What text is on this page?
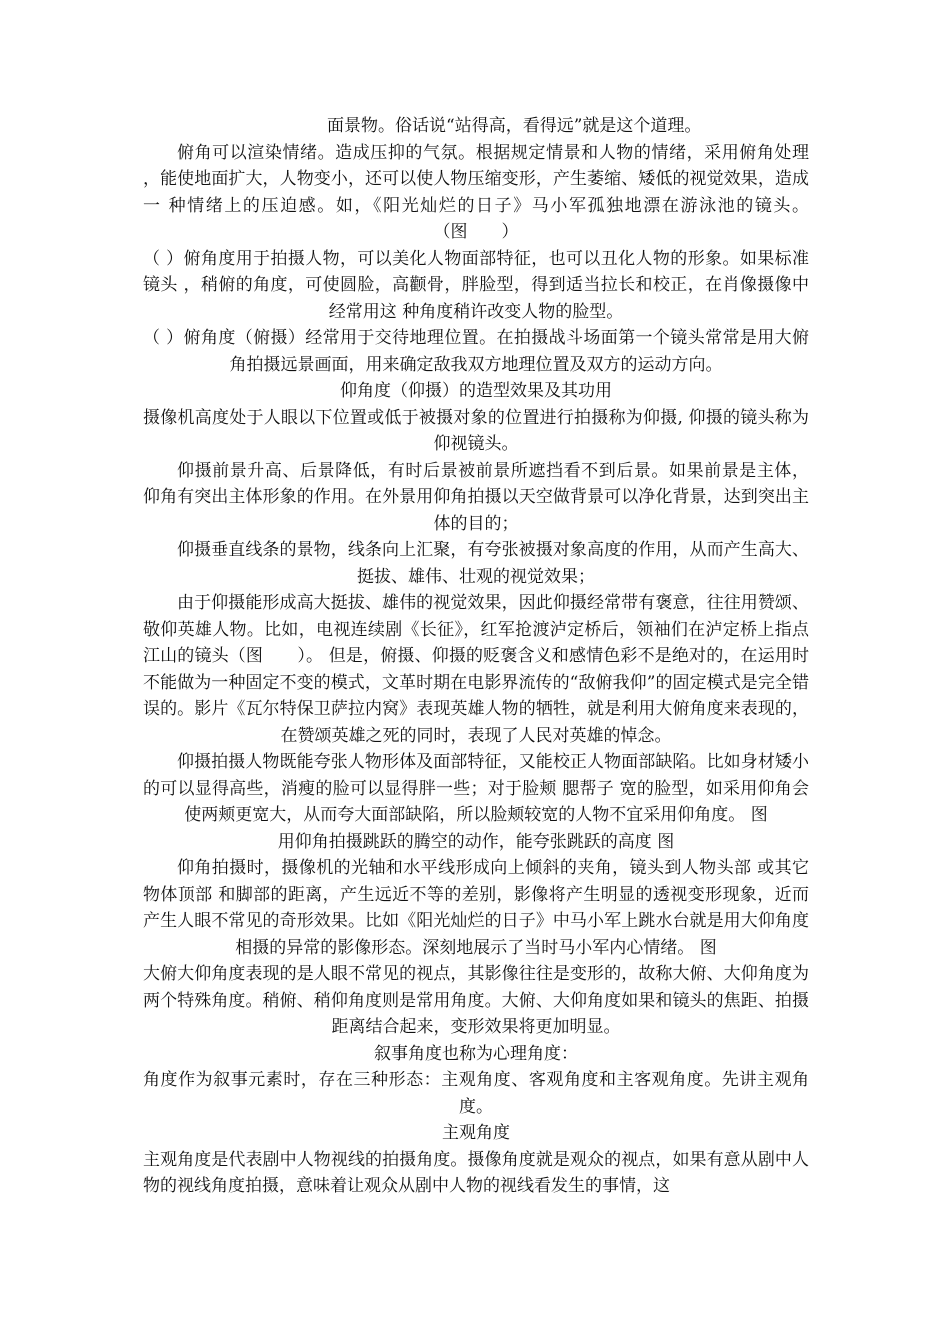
面景物。俗话说“站得高，看得远”就是这个道理。

俯角可以渲染情绪。造成压抑的气氛。根据规定情景和人物的情绪，采用俯角处理 ，能使地面扩大，人物变小，还可以使人物压缩变形，产生萎缩、矮低的视觉效果，造成一 种情绪上的压迫感。如，《阳光灿烂的日子》马小军孤独地漂在游泳池的镜头。（图　　）

（ ）俯角度用于拍摄人物，可以美化人物面部特征，也可以丑化人物的形象。如果标准镜头 ，稍俯的角度，可使圆脸，高颧骨，胖脸型，得到适当拉长和校正，在肖像摄像中经常用这 种角度稍许改变人物的脸型。

（ ）俯角度（俯摄）经常用于交待地理位置。在拍摄战斗场面第一个镜头常常是用大俯角拍摄远景画面，用来确定敌我双方地理位置及双方的运动方向。

仰角度（仰摄）的造型效果及其功用

摄像机高度处于人眼以下位置或低于被摄对象的位置进行拍摄称为仰摄, 仰摄的镜头称为仰视镜头。

仰摄前景升高、后景降低，有时后景被前景所遮挡看不到后景。如果前景是主体， 仰角有突出主体形象的作用。在外景用仰角拍摄以天空做背景可以净化背景，达到突出主体的目的；

仰摄垂直线条的景物，线条向上汇聚，有夸张被摄对象高度的作用，从而产生高大、挺拔、雄伟、壮观的视觉效果；

由于仰摄能形成高大挺拔、雄伟的视觉效果，因此仰摄经常带有褒意，往往用赞颂、敬仰英雄人物。比如，电视连续剧《长征》，红军抢渡泸定桥后，领袖们在泸定桥上指点江山的镜头（图　　）。 但是，俯摄、仰摄的贬褒含义和感情色彩不是绝对的，在运用时不能做为一种固定不变的模式，文革时期在电影界流传的“敌俯我仰”的固定模式是完全错误的。影片《瓦尔特保卫萨拉内窝》表现英雄人物的牺牲，就是利用大俯角度来表现的，在赞颂英雄之死的同时，表现了人民对英雄的悼念。

仰摄拍摄人物既能夸张人物形体及面部特征，又能校正人物面部缺陷。比如身材矮小的可以显得高些，消瘦的脸可以显得胖一些；对于脸颊 腮帮子 宽的脸型，如采用仰角会使两颊更宽大，从而夸大面部缺陷，所以脸颊较宽的人物不宜采用仰角度。 图

用仰角拍摄跳跃的腾空的动作，能夸张跳跃的高度 图

仰角拍摄时，摄像机的光轴和水平线形成向上倾斜的夹角，镜头到人物头部 或其它物体顶部 和脚部的距离，产生远近不等的差别，影像将产生明显的透视变形现象，近而产生人眼不常见的奇形效果。比如《阳光灿烂的日子》中马小军上跳水台就是用大仰角度相摄的异常的影像形态。深刻地展示了当时马小军内心情绪。 图

大俯大仰角度表现的是人眼不常见的视点，其影像往往是变形的，故称大俯、大仰角度为两个特殊角度。稍俯、稍仰角度则是常用角度。大俯、大仰角度如果和镜头的焦距、拍摄距离结合起来，变形效果将更加明显。

叙事角度也称为心理角度：

角度作为叙事元素时，存在三种形态：主观角度、客观角度和主客观角度。先讲主观角度。

主观角度

主观角度是代表剧中人物视线的拍摄角度。摄像角度就是观众的视点，如果有意从剧中人物的视线角度拍摄，意味着让观众从剧中人物的视线看发生的事情，这
